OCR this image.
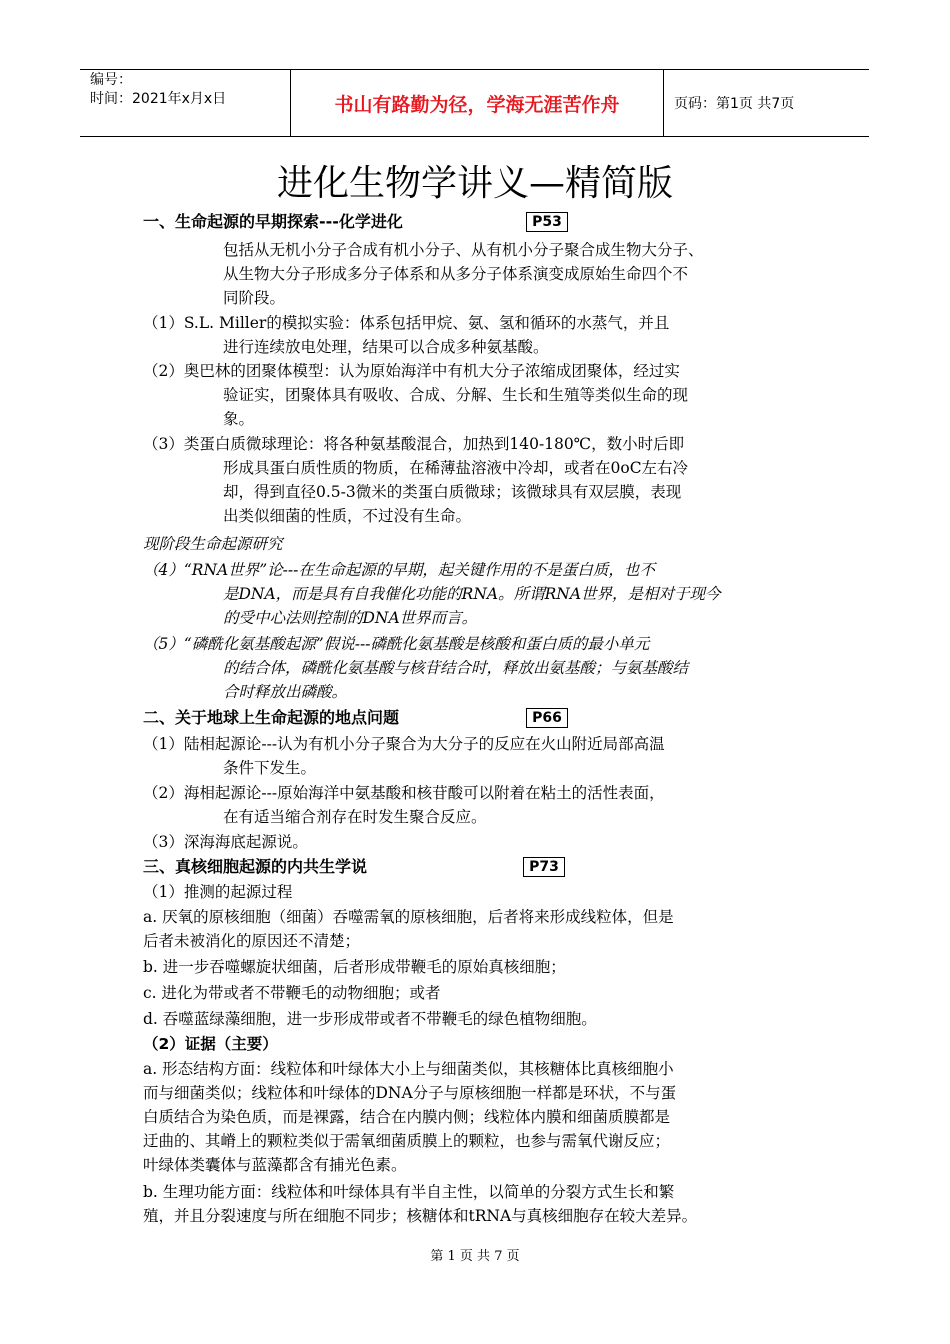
编号：
时间：2021年x月x日	书山有路勤为径，学海无涯苦作舟	页码：第1页 共7页
进化生物学讲义—精简版
一、生命起源的早期探索---化学进化	P53
包括从无机小分子合成有机小分子、从有机小分子聚合成生物大分子、
从生物大分子形成多分子体系和从多分子体系演变成原始生命四个不
同阶段。
（1）S.L. Miller的模拟实验：体系包括甲烷、氨、氢和循环的水蒸气，并且
进行连续放电处理，结果可以合成多种氨基酸。
（2）奥巴林的团聚体模型：认为原始海洋中有机大分子浓缩成团聚体，经过实
验证实，团聚体具有吸收、合成、分解、生长和生殖等类似生命的现
象。
（3）类蛋白质微球理论：将各种氨基酸混合，加热到140-180℃，数小时后即
形成具蛋白质性质的物质，在稀薄盐溶液中冷却，或者在0oC左右冷
却，得到直径0.5-3微米的类蛋白质微球；该微球具有双层膜，表现
出类似细菌的性质，不过没有生命。
现阶段生命起源研究
（4）“RNA世界”论---在生命起源的早期，起关键作用的不是蛋白质，也不
是DNA，而是具有自我催化功能的RNA。所谓RNA世界，是相对于现今
的受中心法则控制的DNA世界而言。
（5）“磷酰化氨基酸起源”假说---磷酰化氨基酸是核酸和蛋白质的最小单元
的结合体，磷酰化氨基酸与核苷结合时，释放出氨基酸；与氨基酸结
合时释放出磷酸。
二、关于地球上生命起源的地点问题	P66
（1）陆相起源论---认为有机小分子聚合为大分子的反应在火山附近局部高温
条件下发生。
（2）海相起源论---原始海洋中氨基酸和核苷酸可以附着在粘土的活性表面，
在有适当缩合剂存在时发生聚合反应。
（3）深海海底起源说。
三、真核细胞起源的内共生学说	P73
（1）推测的起源过程
a. 厌氧的原核细胞（细菌）吞噬需氧的原核细胞，后者将来形成线粒体，但是
后者未被消化的原因还不清楚；
b. 进一步吞噬螺旋状细菌，后者形成带鞭毛的原始真核细胞；
c. 进化为带或者不带鞭毛的动物细胞；或者
d. 吞噬蓝绿藻细胞，进一步形成带或者不带鞭毛的绿色植物细胞。
（2）证据（主要）
a. 形态结构方面：线粒体和叶绿体大小上与细菌类似，其核糖体比真核细胞小
而与细菌类似；线粒体和叶绿体的DNA分子与原核细胞一样都是环状，不与蛋
白质结合为染色质，而是裸露，结合在内膜内侧；线粒体内膜和细菌质膜都是
迂曲的、其嵴上的颗粒类似于需氧细菌质膜上的颗粒，也参与需氧代谢反应；
叶绿体类囊体与蓝藻都含有捕光色素。
b. 生理功能方面：线粒体和叶绿体具有半自主性，以简单的分裂方式生长和繁
殖，并且分裂速度与所在细胞不同步；核糖体和tRNA与真核细胞存在较大差异。
第 1 页 共 7 页
